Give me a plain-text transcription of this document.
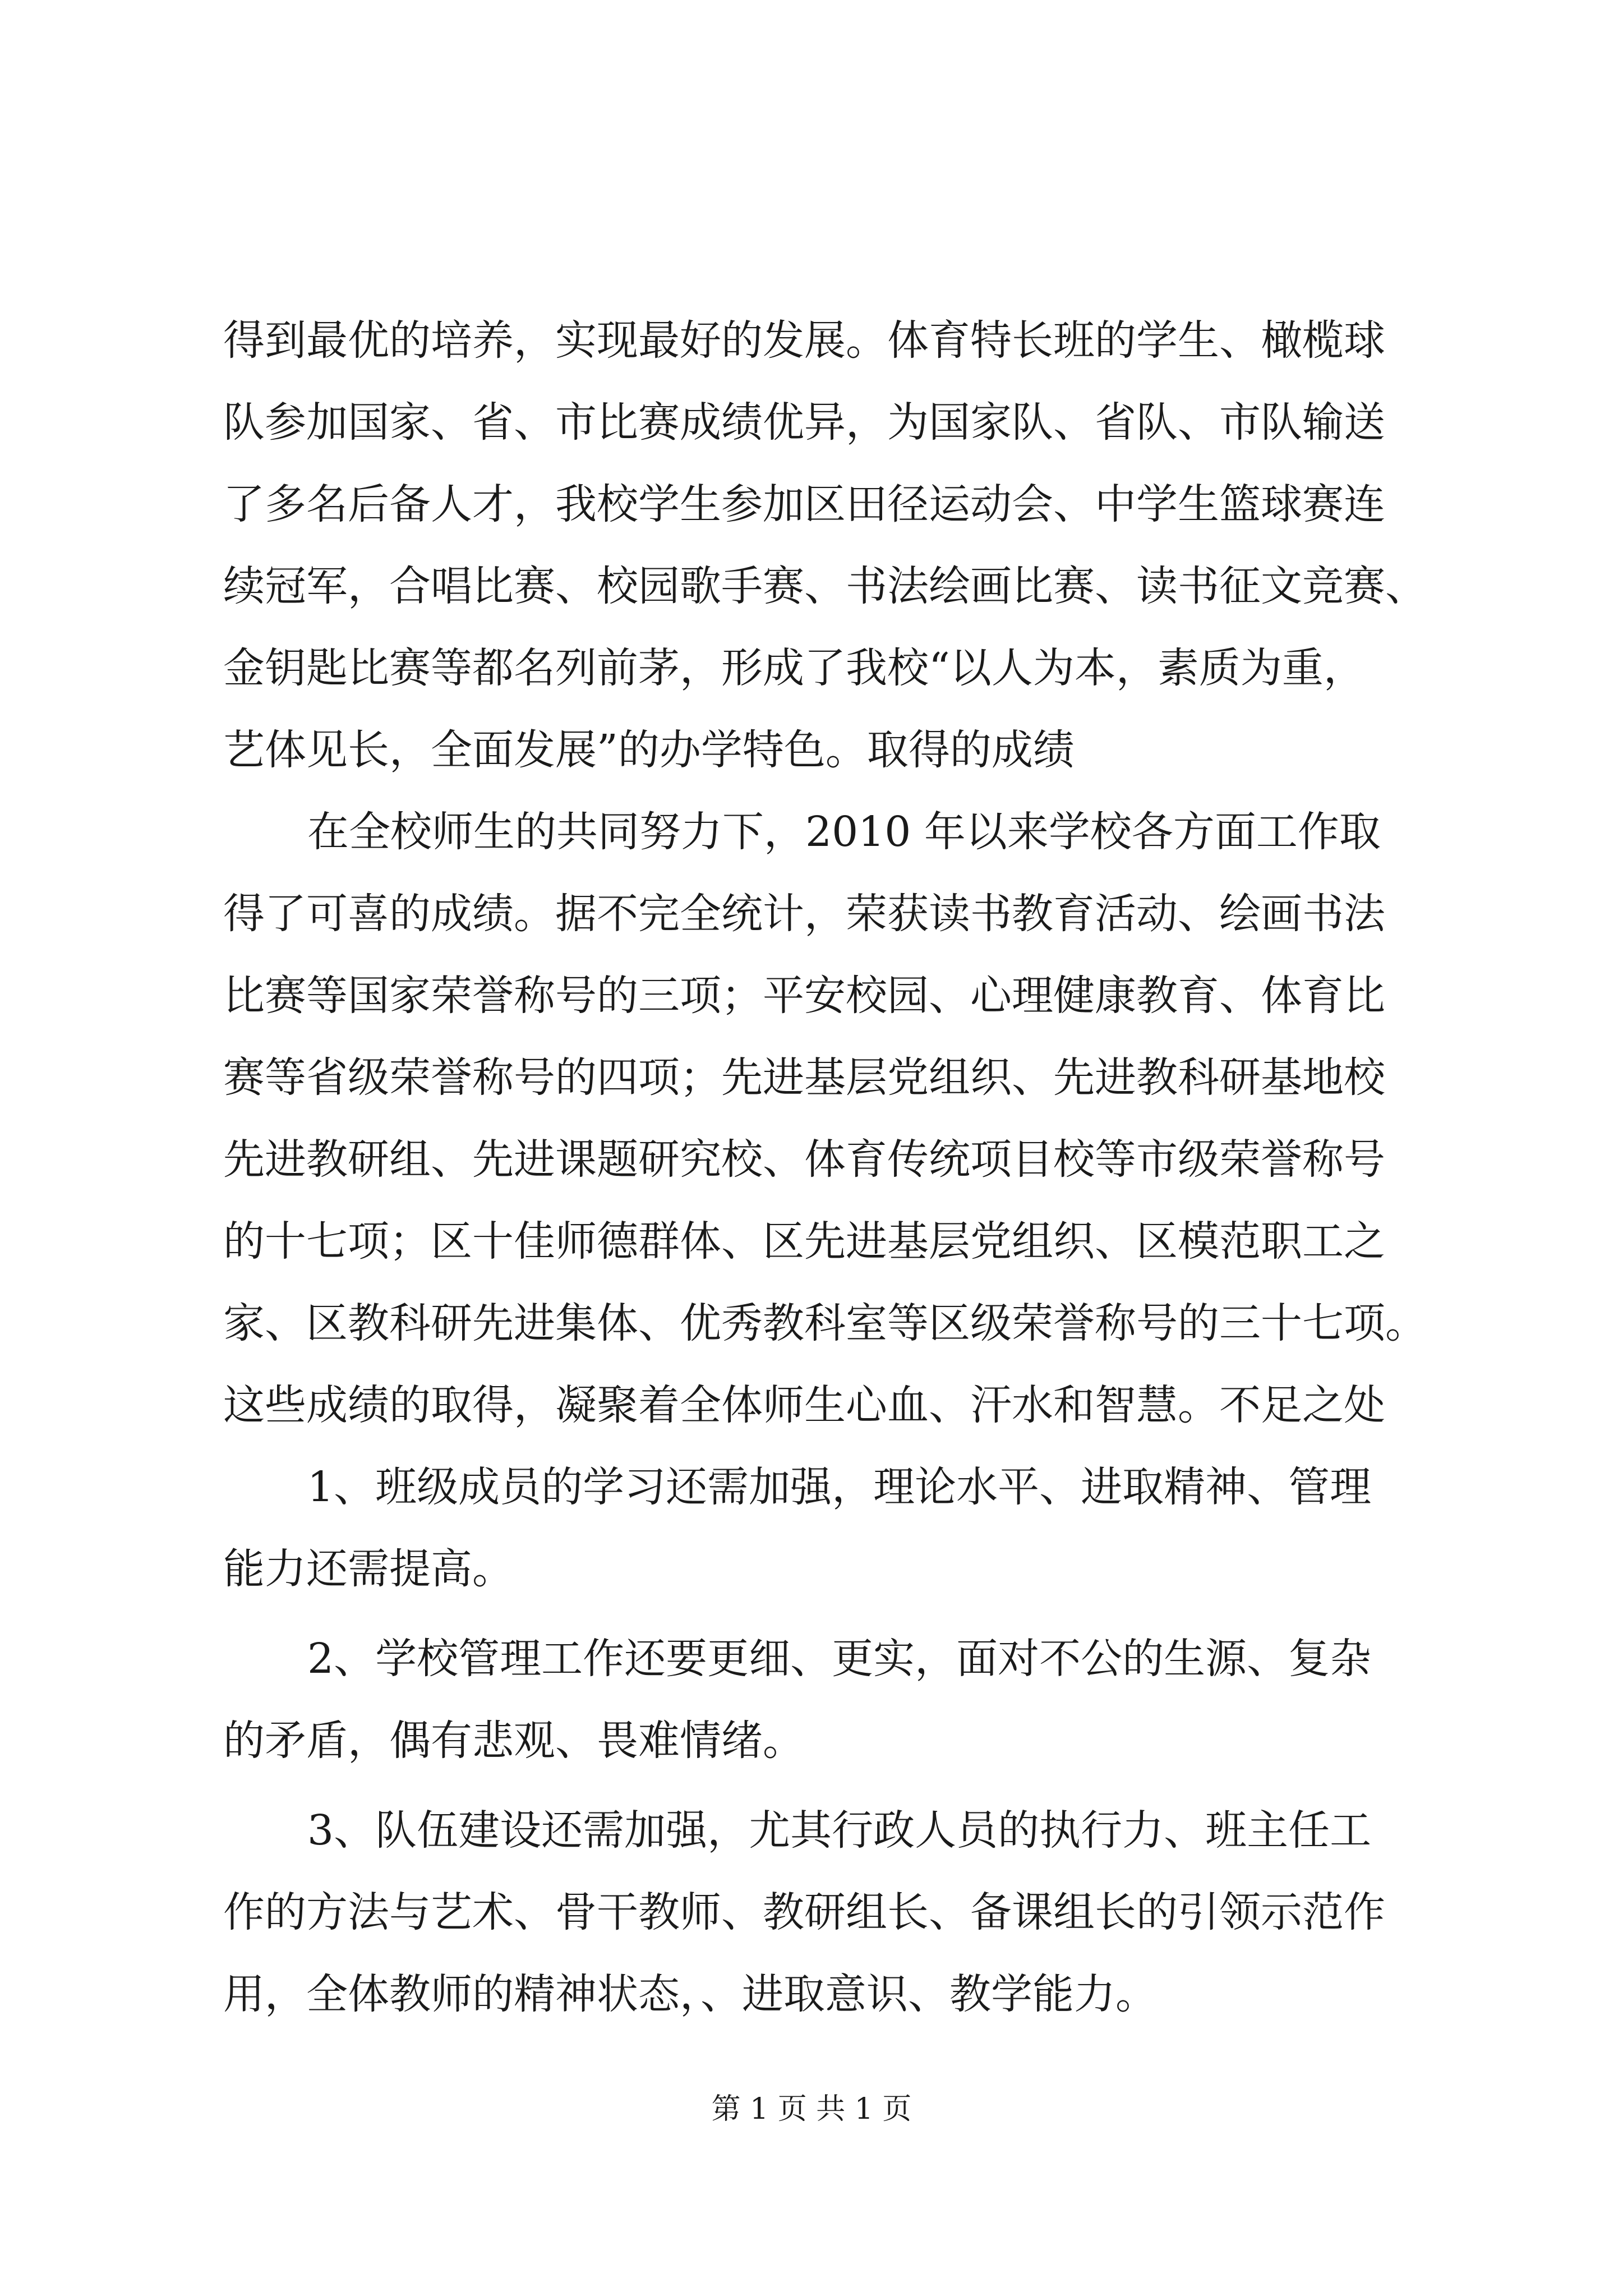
得到最优的培养，实现最好的发展。体育特长班的学生、橄榄球
队参加国家、省、市比赛成绩优异，为国家队、省队、市队输送
了多名后备人才，我校学生参加区田径运动会、中学生篮球赛连
续冠军，合唱比赛、校园歌手赛、书法绘画比赛、读书征文竞赛、
金钥匙比赛等都名列前茅，形成了我校“以人为本，素质为重，
艺体见长，全面发展”的办学特色。取得的成绩
在全校师生的共同努力下，2010 年以来学校各方面工作取
得了可喜的成绩。据不完全统计，荣获读书教育活动、绘画书法
比赛等国家荣誉称号的三项；平安校园、心理健康教育、体育比
赛等省级荣誉称号的四项；先进基层党组织、先进教科研基地校
先进教研组、先进课题研究校、体育传统项目校等市级荣誉称号
的十七项；区十佳师德群体、区先进基层党组织、区模范职工之
家、区教科研先进集体、优秀教科室等区级荣誉称号的三十七项。
这些成绩的取得，凝聚着全体师生心血、汗水和智慧。不足之处
1、班级成员的学习还需加强，理论水平、进取精神、管理
能力还需提高。
2、学校管理工作还要更细、更实，面对不公的生源、复杂
的矛盾，偶有悲观、畏难情绪。
3、队伍建设还需加强，尤其行政人员的执行力、班主任工
作的方法与艺术、骨干教师、教研组长、备课组长的引领示范作
用，全体教师的精神状态，、进取意识、教学能力。
第 1 页 共 1 页
